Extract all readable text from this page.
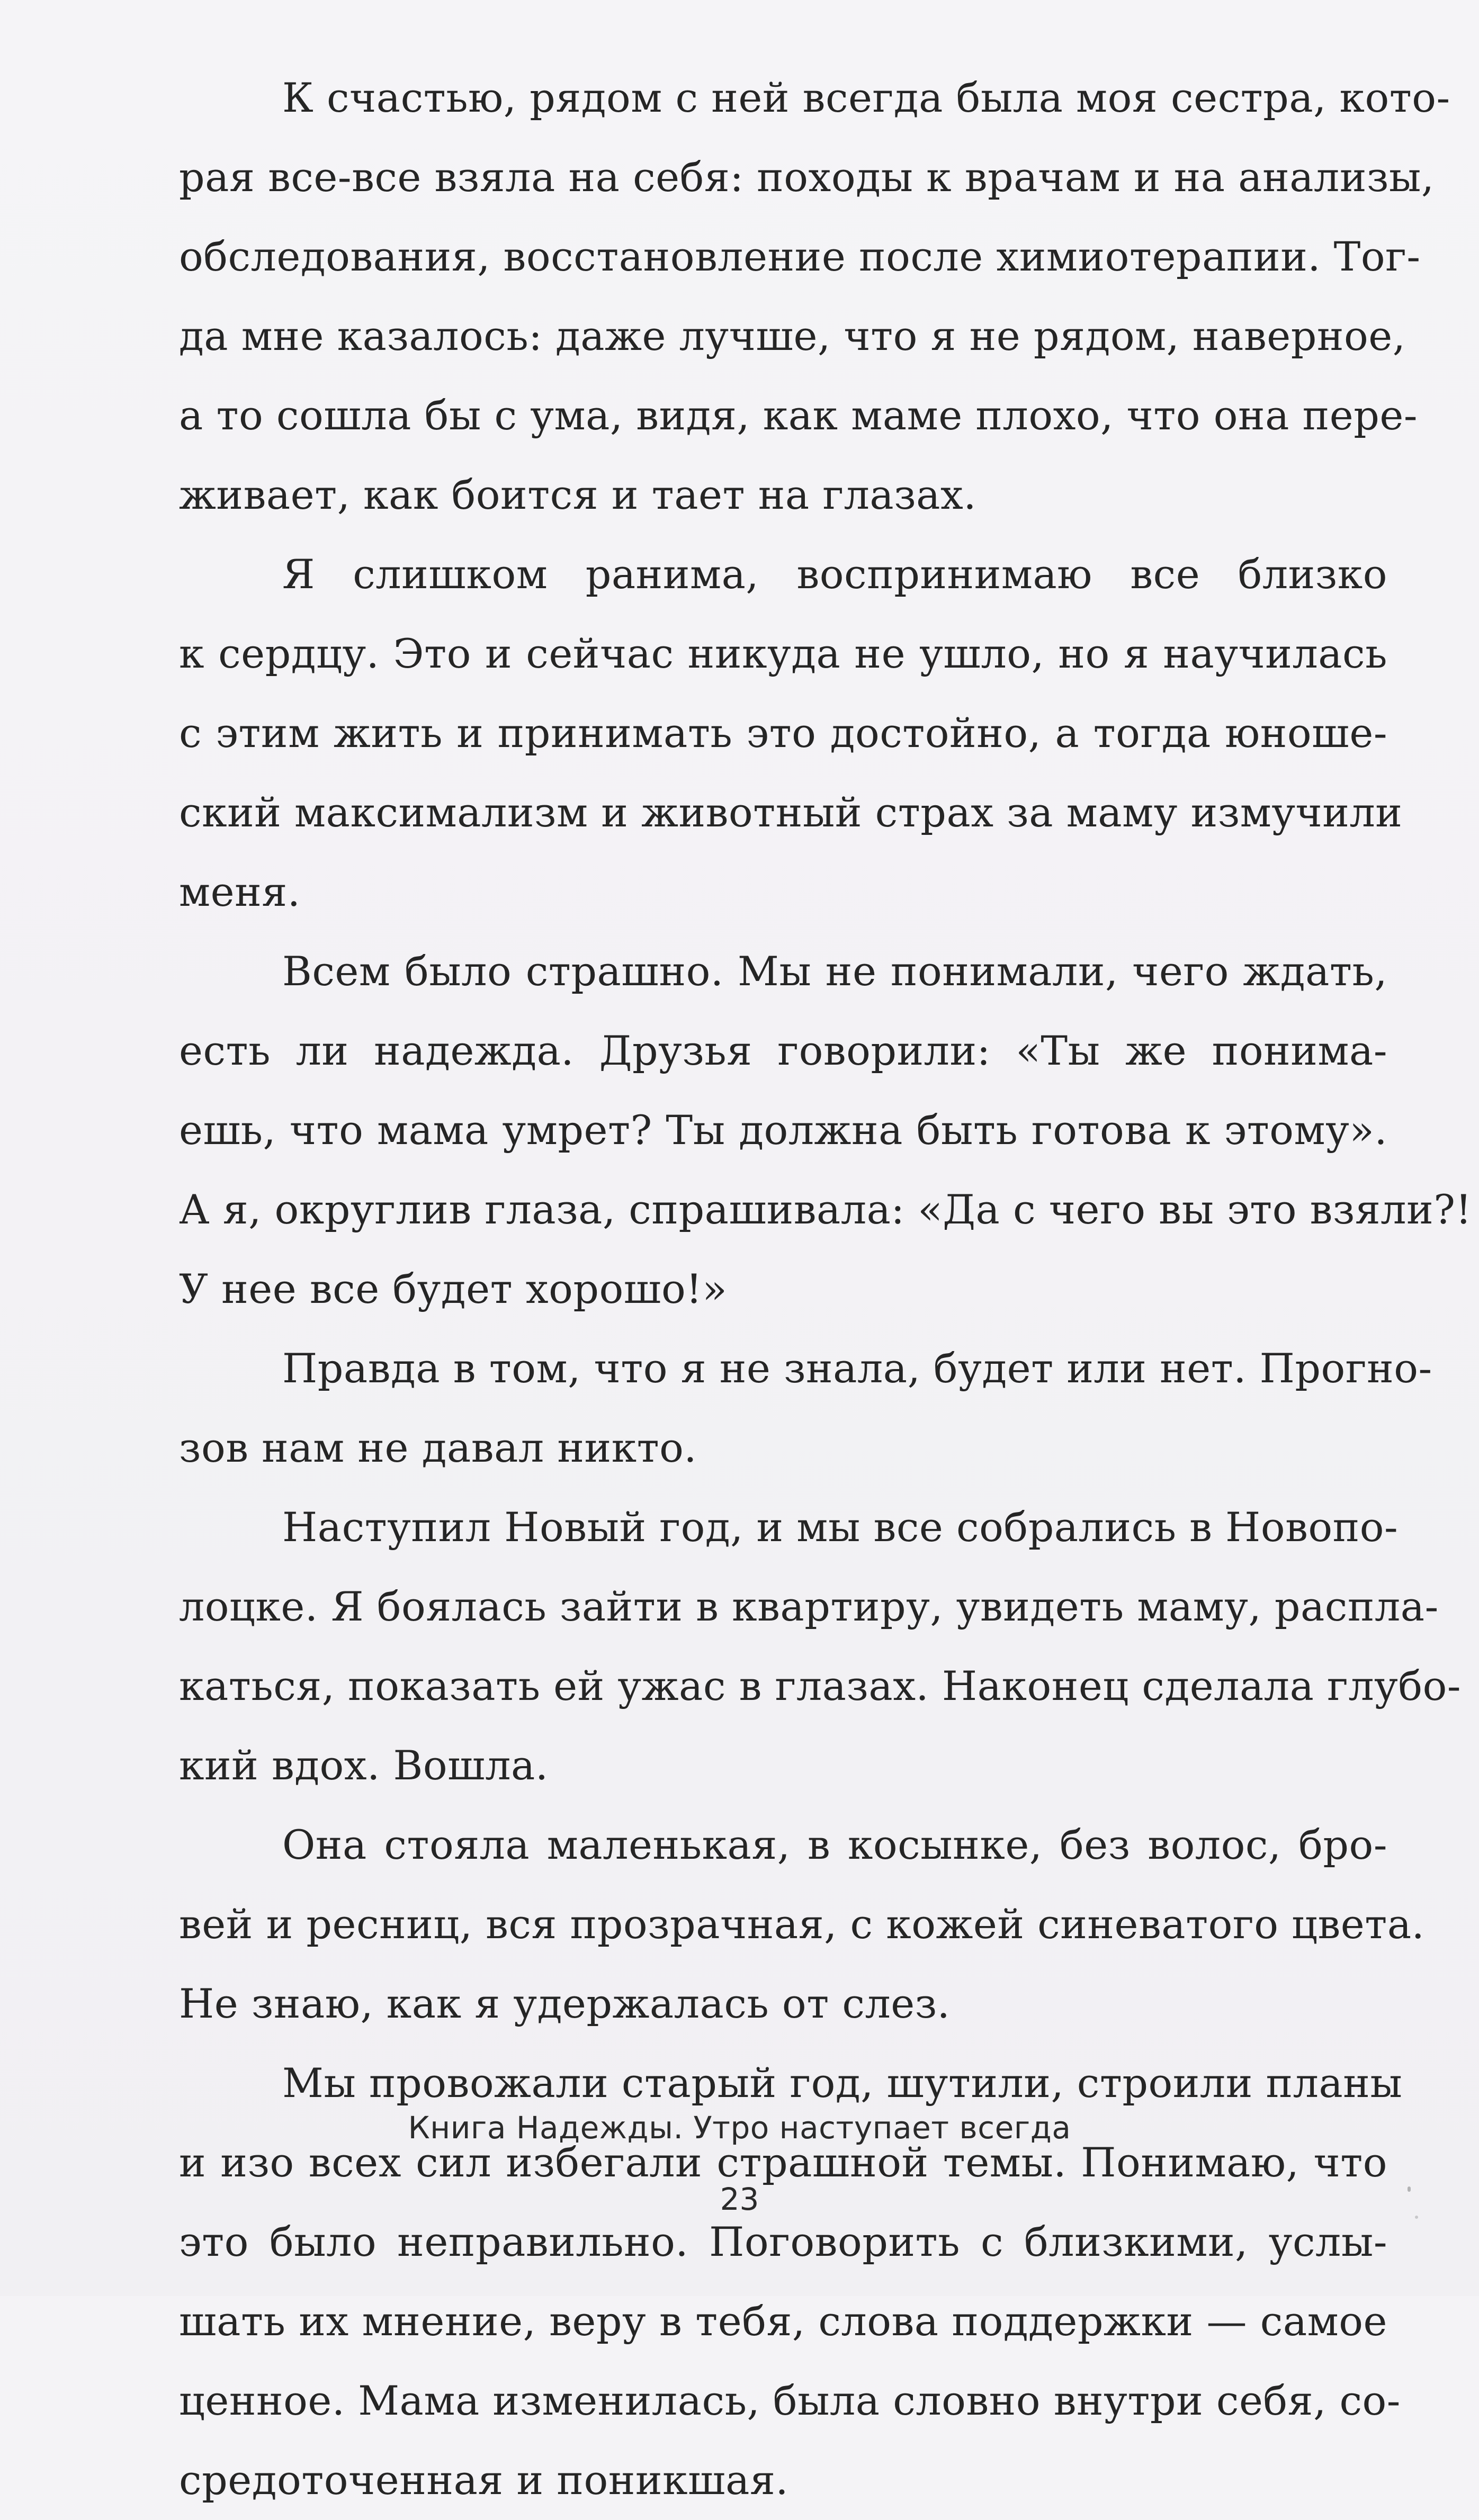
К счастью, рядом с ней всегда была моя сестра, кото-
рая все-все взяла на себя: походы к врачам и на анализы,
обследования, восстановление после химиотерапии. Тог-
да мне казалось: даже лучше, что я не рядом, наверное,
а то сошла бы с ума, видя, как маме плохо, что она пере-
живает, как боится и тает на глазах.
Я слишком ранима, воспринимаю все близко
к сердцу. Это и сейчас никуда не ушло, но я научилась
с этим жить и принимать это достойно, а тогда юноше-
ский максимализм и животный страх за маму измучили
меня.
Всем было страшно. Мы не понимали, чего ждать,
есть ли надежда. Друзья говорили: «Ты же понима-
ешь, что мама умрет? Ты должна быть готова к этому».
А я, округлив глаза, спрашивала: «Да с чего вы это взяли?!
У нее все будет хорошо!»
Правда в том, что я не знала, будет или нет. Прогно-
зов нам не давал никто.
Наступил Новый год, и мы все собрались в Новопо-
лоцке. Я боялась зайти в квартиру, увидеть маму, распла-
каться, показать ей ужас в глазах. Наконец сделала глубо-
кий вдох. Вошла.
Она стояла маленькая, в косынке, без волос, бро-
вей и ресниц, вся прозрачная, с кожей синеватого цвета.
Не знаю, как я удержалась от слез.
Мы провожали старый год, шутили, строили планы
и изо всех сил избегали страшной темы. Понимаю, что
это было неправильно. Поговорить с близкими, услы-
шать их мнение, веру в тебя, слова поддержки — самое
ценное. Мама изменилась, была словно внутри себя, со-
средоточенная и поникшая.
Книга Надежды. Утро наступает всегда
23
